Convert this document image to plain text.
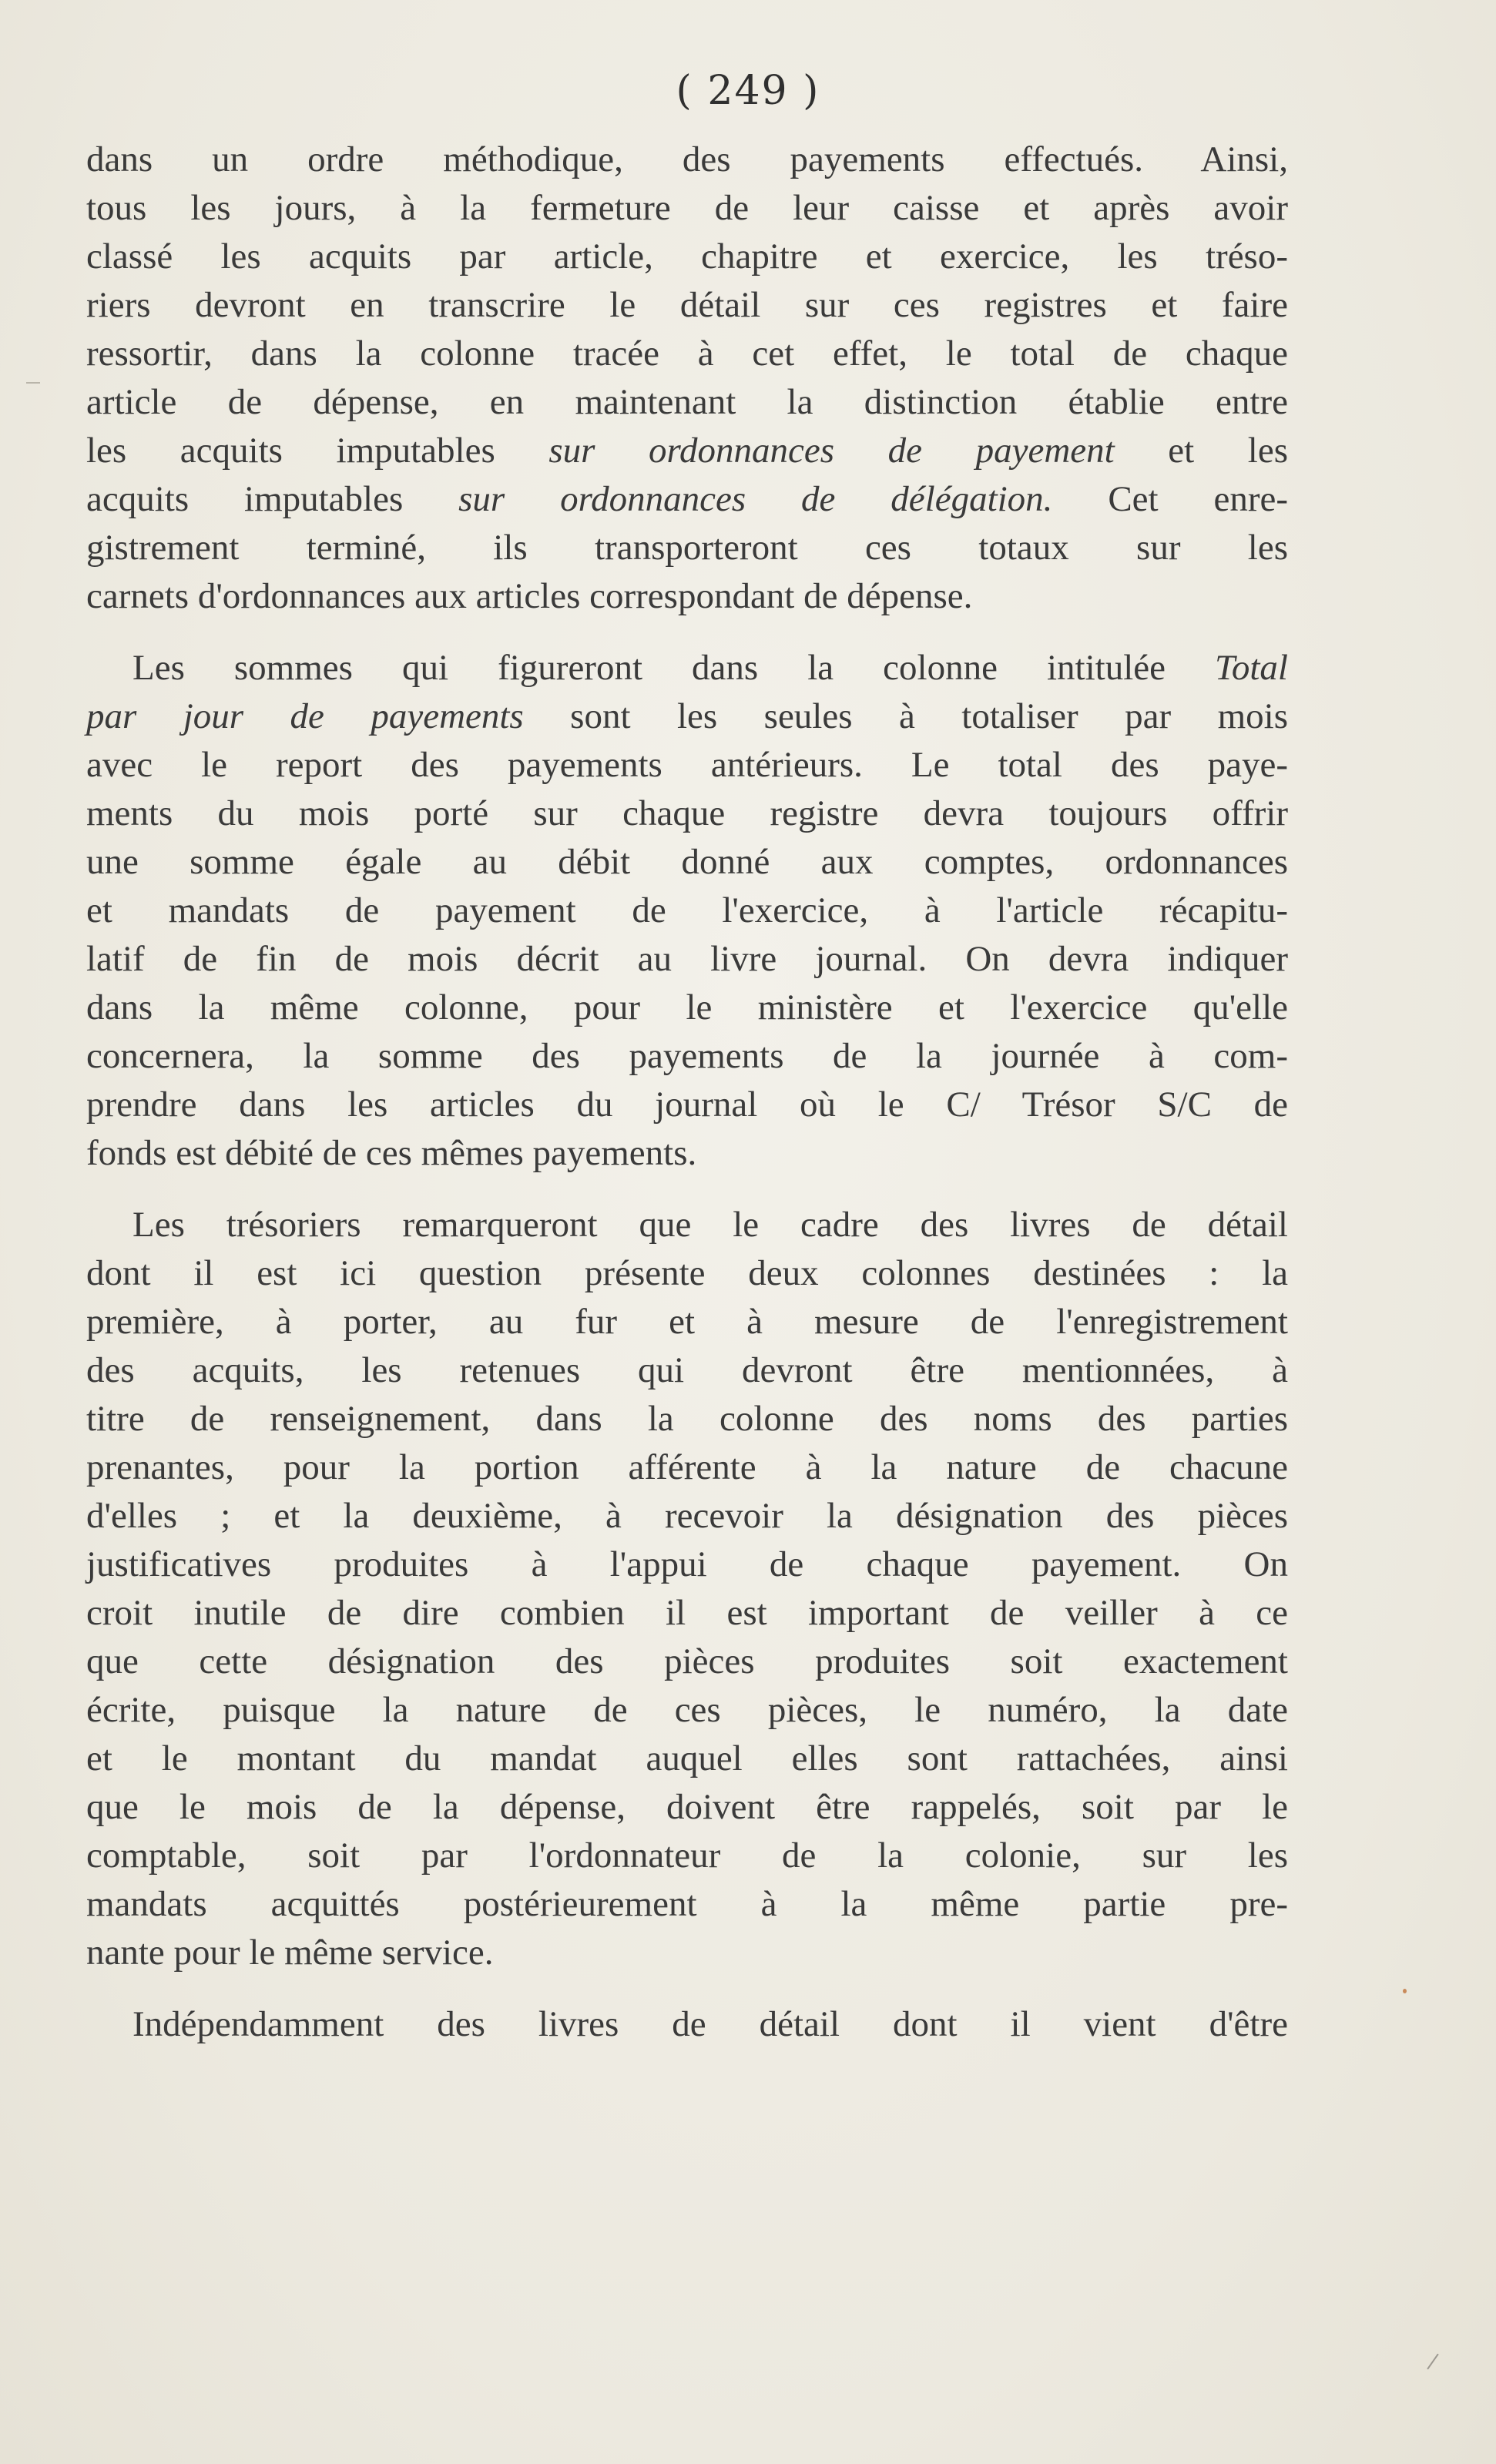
( 249 )
dans un ordre méthodique, des payements effectués. Ainsi,
tous les jours, à la fermeture de leur caisse et après avoir
classé les acquits par article, chapitre et exercice, les tréso-
riers devront en transcrire le détail sur ces registres et faire
ressortir, dans la colonne tracée à cet effet, le total de chaque
article de dépense, en maintenant la distinction établie entre
les acquits imputables sur ordonnances de payement et les
acquits imputables sur ordonnances de délégation. Cet enre-
gistrement terminé, ils transporteront ces totaux sur les
carnets d'ordonnances aux articles correspondant de dépense.
Les sommes qui figureront dans la colonne intitulée Total
par jour de payements sont les seules à totaliser par mois
avec le report des payements antérieurs. Le total des paye-
ments du mois porté sur chaque registre devra toujours offrir
une somme égale au débit donné aux comptes, ordonnances
et mandats de payement de l'exercice, à l'article récapitu-
latif de fin de mois décrit au livre journal. On devra indiquer
dans la même colonne, pour le ministère et l'exercice qu'elle
concernera, la somme des payements de la journée à com-
prendre dans les articles du journal où le C/ Trésor S/C de
fonds est débité de ces mêmes payements.
Les trésoriers remarqueront que le cadre des livres de détail
dont il est ici question présente deux colonnes destinées : la
première, à porter, au fur et à mesure de l'enregistrement
des acquits, les retenues qui devront être mentionnées, à
titre de renseignement, dans la colonne des noms des parties
prenantes, pour la portion afférente à la nature de chacune
d'elles ; et la deuxième, à recevoir la désignation des pièces
justificatives produites à l'appui de chaque payement. On
croit inutile de dire combien il est important de veiller à ce
que cette désignation des pièces produites soit exactement
écrite, puisque la nature de ces pièces, le numéro, la date
et le montant du mandat auquel elles sont rattachées, ainsi
que le mois de la dépense, doivent être rappelés, soit par le
comptable, soit par l'ordonnateur de la colonie, sur les
mandats acquittés postérieurement à la même partie pre-
nante pour le même service.
Indépendamment des livres de détail dont il vient d'être
